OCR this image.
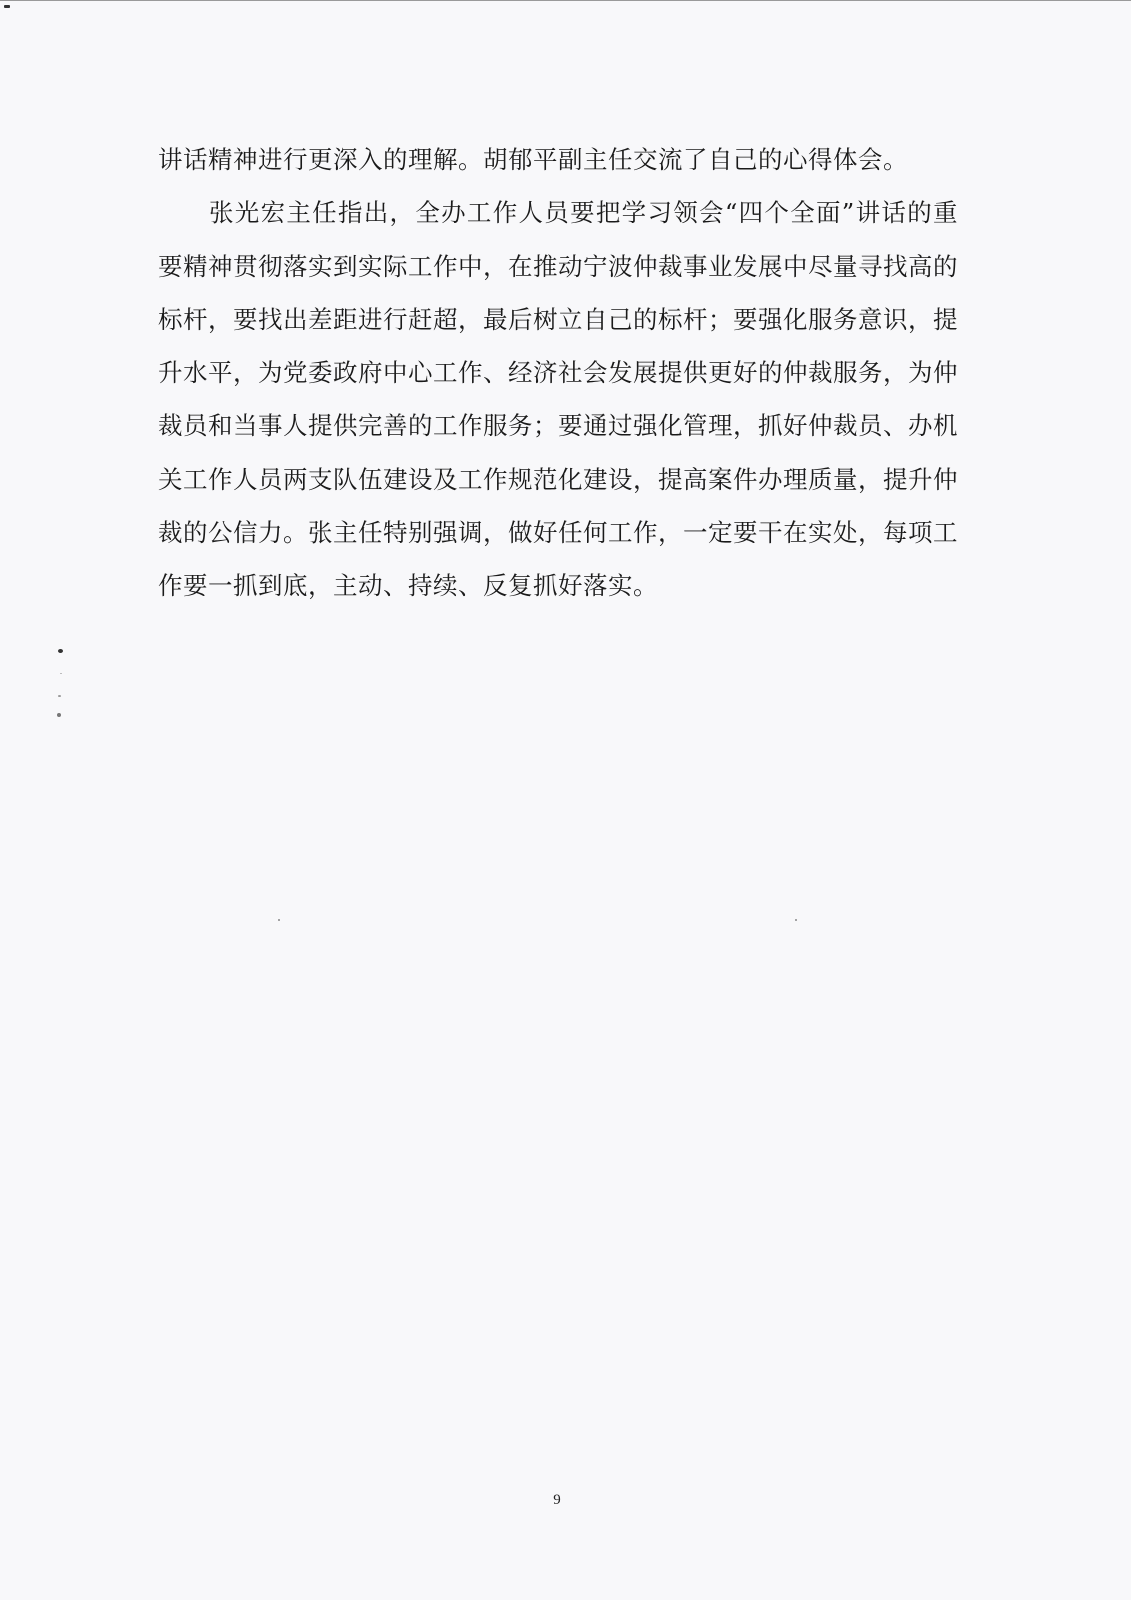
讲话精神进行更深入的理解。胡郁平副主任交流了自己的心得体会。

张光宏主任指出，全办工作人员要把学习领会“四个全面”讲话的重要精神贯彻落实到实际工作中，在推动宁波仲裁事业发展中尽量寻找高的标杆，要找出差距进行赶超，最后树立自己的标杆；要强化服务意识，提升水平，为党委政府中心工作、经济社会发展提供更好的仲裁服务，为仲裁员和当事人提供完善的工作服务；要通过强化管理，抓好仲裁员、办机关工作人员两支队伍建设及工作规范化建设，提高案件办理质量，提升仲裁的公信力。张主任特别强调，做好任何工作，一定要干在实处，每项工作要一抓到底，主动、持续、反复抓好落实。

9
